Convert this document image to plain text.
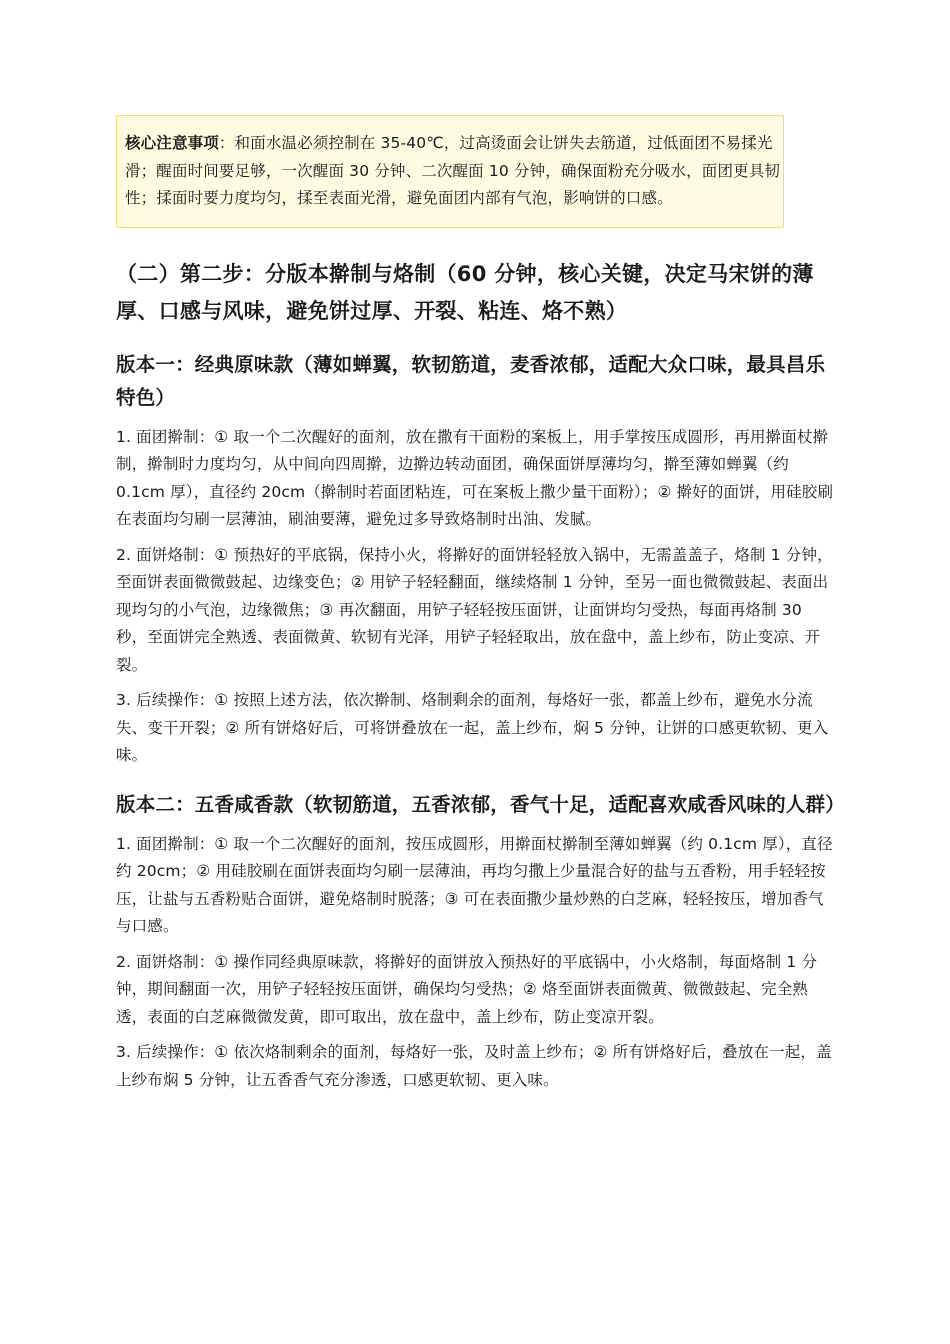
核心注意事项：和面水温必须控制在 35-40℃，过高烫面会让饼失去筋道，过低面团不易揉光滑；醒面时间要足够，一次醒面 30 分钟、二次醒面 10 分钟，确保面粉充分吸水，面团更具韧性；揉面时要力度均匀，揉至表面光滑，避免面团内部有气泡，影响饼的口感。
（二）第二步：分版本擀制与烙制（60 分钟，核心关键，决定马宋饼的薄厚、口感与风味，避免饼过厚、开裂、粘连、烙不熟）
版本一：经典原味款（薄如蝉翼，软韧筋道，麦香浓郁，适配大众口味，最具昌乐特色）

1. 面团擀制：① 取一个二次醒好的面剂，放在撒有干面粉的案板上，用手掌按压成圆形，再用擀面杖擀制，擀制时力度均匀，从中间向四周擀，边擀边转动面团，确保面饼厚薄均匀，擀至薄如蝉翼（约 0.1cm 厚），直径约 20cm（擀制时若面团粘连，可在案板上撒少量干面粉）；② 擀好的面饼，用硅胶刷在表面均匀刷一层薄油，刷油要薄，避免过多导致烙制时出油、发腻。

2. 面饼烙制：① 预热好的平底锅，保持小火，将擀好的面饼轻轻放入锅中，无需盖盖子，烙制 1 分钟，至面饼表面微微鼓起、边缘变色；② 用铲子轻轻翻面，继续烙制 1 分钟，至另一面也微微鼓起、表面出现均匀的小气泡，边缘微焦；③ 再次翻面，用铲子轻轻按压面饼，让面饼均匀受热，每面再烙制 30 秒，至面饼完全熟透、表面微黄、软韧有光泽，用铲子轻轻取出，放在盘中，盖上纱布，防止变凉、开裂。

3. 后续操作：① 按照上述方法，依次擀制、烙制剩余的面剂，每烙好一张，都盖上纱布，避免水分流失、变干开裂；② 所有饼烙好后，可将饼叠放在一起，盖上纱布，焖 5 分钟，让饼的口感更软韧、更入味。

版本二：五香咸香款（软韧筋道，五香浓郁，香气十足，适配喜欢咸香风味的人群）

1. 面团擀制：① 取一个二次醒好的面剂，按压成圆形，用擀面杖擀制至薄如蝉翼（约 0.1cm 厚），直径约 20cm；② 用硅胶刷在面饼表面均匀刷一层薄油，再均匀撒上少量混合好的盐与五香粉，用手轻轻按压，让盐与五香粉贴合面饼，避免烙制时脱落；③ 可在表面撒少量炒熟的白芝麻，轻轻按压，增加香气与口感。

2. 面饼烙制：① 操作同经典原味款，将擀好的面饼放入预热好的平底锅中，小火烙制，每面烙制 1 分钟，期间翻面一次，用铲子轻轻按压面饼，确保均匀受热；② 烙至面饼表面微黄、微微鼓起、完全熟透，表面的白芝麻微微发黄，即可取出，放在盘中，盖上纱布，防止变凉开裂。

3. 后续操作：① 依次烙制剩余的面剂，每烙好一张，及时盖上纱布；② 所有饼烙好后，叠放在一起，盖上纱布焖 5 分钟，让五香香气充分渗透，口感更软韧、更入味。
